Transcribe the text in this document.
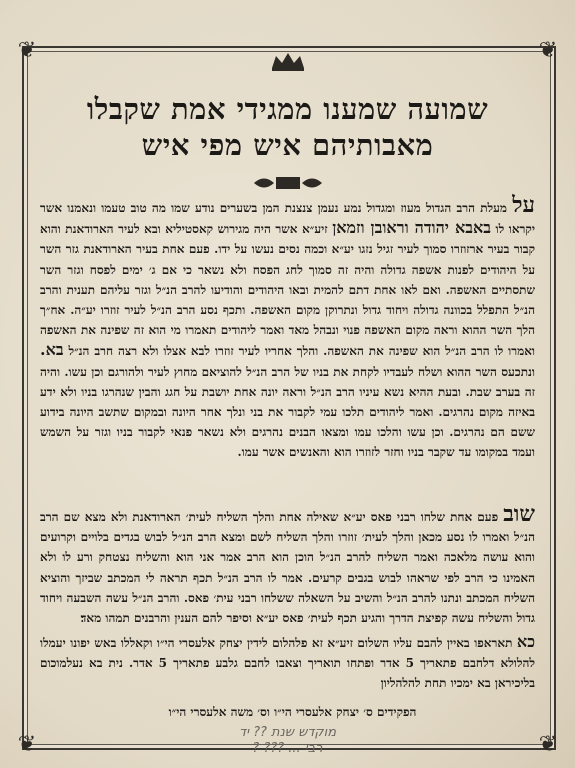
❦	❦
❦	❦
שמועה שמענו ממגידי אמת שקבלו
מאבותיהם איש מפי איש
על מעלת הרב הגדול מעוז ומגדול נמע נעמן צנצנת המן בשערים נודע שמו מה טוב טעמו ונאמנו אשר יקראו לו באבא יהודה וראובן וזמאן זיע״א אשר היה מגירוש קאסטיליא ובא לעיר הארודאנת והוא קבור בעיר ארזוזרו סמוך לעיר זגיל נזגו יע״א וכמה נסים נעשו על ידו. פעם אחת בעיר הארודאנת גזר השר על היהודים לפנות אשפה גדולה והיה זה סמוך לחג הפסח ולא נשאר כי אם ג׳ ימים לפסח וגזר השר שתסתיים האשפה. ואם לאו אחת דתם להמית ובאו היהודים והודיעו להרב הנ״ל וגזר עליהם תענית והרב הנ״ל התפלל בכוונה גדולה ויחוד גדול ונתרוקן מקום האשפה. ותכף נסע הרב הנ״ל לעיר זוזרו יע״ה. אח״ך הלך השר ההוא וראה מקום האשפה פנוי ונבהל מאד ואמר ליהודים תאמרו מי הוא זה שפינה את האשפה ואמרו לו הרב הנ״ל הוא שפינה את האשפה. והלך אחריו לעיר זוזרו לבא אצלו ולא רצה חרב הנ״ל בא. ונתכעס השר ההוא ושלח לעבדיו לקחת את בניו של הרב הנ״ל להוציאם מחוץ לעיר ולהורגם וכן עשו. והיה זה בערב שבת. ובעת ההיא נשא עיניו הרב הנ״ל וראה יונה אחת יושבת על חגג והבין שנהרגו בניו ולא ידע באיזה מקום נהרגים. ואמר ליהודים תלכו עמי לקבור את בני ונלך אחר היונה ובמקום שתשב היונה בידוע ששם הם נהרגים. וכן עשו והלכו עמו ומצאו הבנים נהרגים ולא נשאר פנאי לקבור בניו וגזר על השמש ועמד במקומו עד שקבר בניו וחזר לזוזרו הוא והאנשים אשר עמו.
שוב פעם אחת שלחו רבני פאס יע״א שאילה אחת והלך השליח לעית׳ הארודאנת ולא מצא שם הרב הנ״ל ואמרו לו נסע מכאן והלך לעית׳ זוזרו והלך השליח לשם ומצא הרב הנ״ל לבוש בגדים בלויים וקרועים והוא עושה מלאכה ואמר השליח להרב הנ״ל הוכן הוא הרב אמר אני הוא והשליח נצטחק ורע לו ולא האמינו כי הרב לפי שראהו לבוש בגבים קרעים. אמר לו הרב הנ״ל תכף תראה לי המכתב שביזך והוציא השליח המכתב ונתנו להרב הנ״ל והשיב על השאלה ששלחו רבני עית׳ פאס. והרב הנ״ל עשה השבעה ויחוד גדול והשליח עשה קפיצת הדרך והגיע תכף לעית׳ פאס יע״א וסיפר להם הענין והרבנים תמהו מאד׃
כא תאראפו באיין להבם עליו השלום זיע״א זא פלהלום לידין יצחק אלעסרי הי״ו וקאללו באש יפונו יעמלו להלולא דלחבם פתאריך 5 אדר ופתחו תואריך וצאבו לחבם גלבע פתאריך 5 אדר. נית בא נעלמוכום בליכיראן בא ימכיו תחת להלהליון
הפקידים ס׳ יצחק אלעסרי הי״ו וס׳ משה אלעסרי הי״ו
מוקדש שנת ?? יד
רבי ... ??? ?
